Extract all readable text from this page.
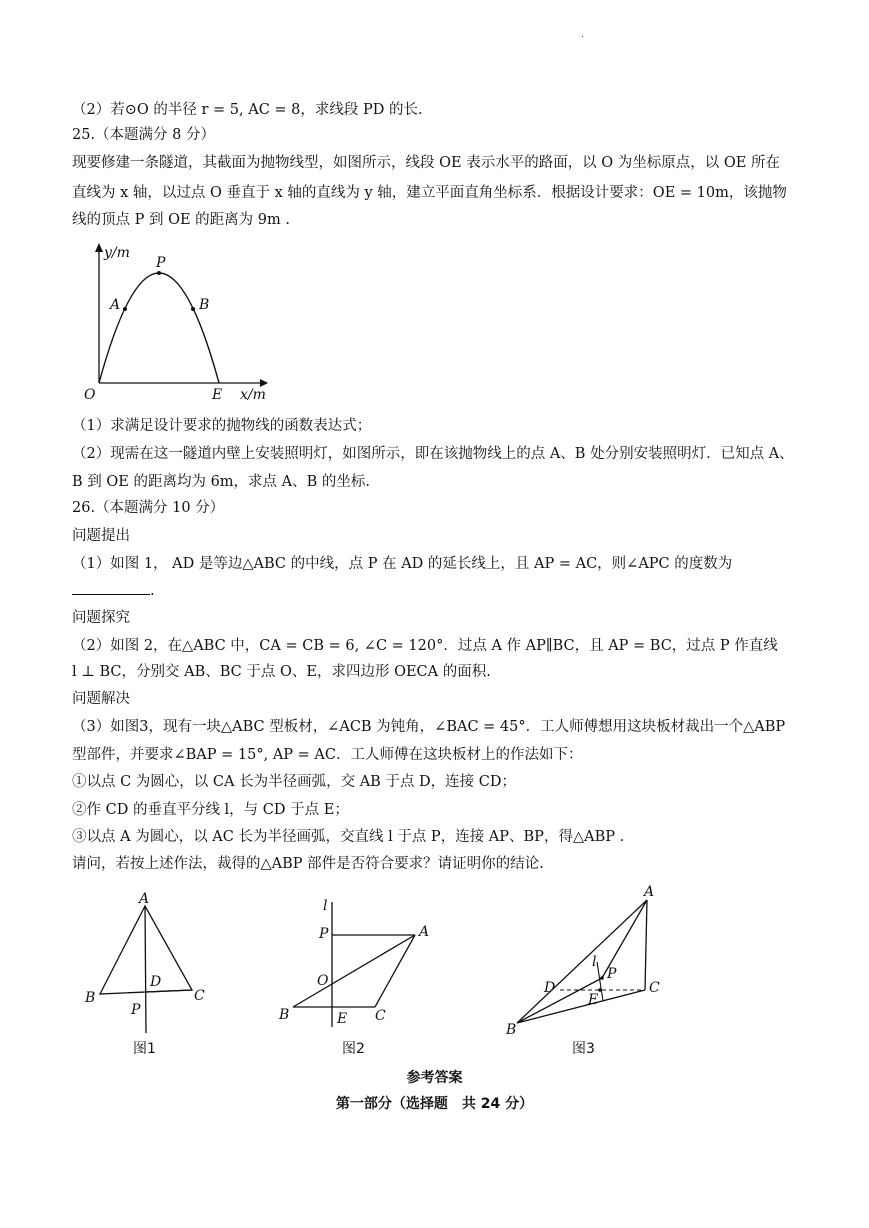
·
（2）若⊙O 的半径 r = 5, AC = 8，求线段 PD 的长.
25.（本题满分 8 分）
现要修建一条隧道，其截面为抛物线型，如图所示，线段 OE 表示水平的路面，以 O 为坐标原点，以 OE 所在
直线为 x 轴，以过点 O 垂直于 x 轴的直线为 y 轴，建立平面直角坐标系．根据设计要求：OE = 10m，该抛物
线的顶点 P 到 OE 的距离为 9m .
y/m
x/m
O	E
P
A	B
（1）求满足设计要求的抛物线的函数表达式；
（2）现需在这一隧道内壁上安装照明灯，如图所示，即在该抛物线上的点 A、B 处分别安装照明灯．已知点 A、
B 到 OE 的距离均为 6m，求点 A、B 的坐标.
26.（本题满分 10 分）
问题提出
（1）如图 1， AD 是等边△ABC 的中线，点 P 在 AD 的延长线上，且 AP = AC，则∠APC 的度数为
.
问题探究
（2）如图 2，在△ABC 中，CA = CB = 6, ∠C = 120°．过点 A 作 AP∥BC，且 AP = BC，过点 P 作直线
l ⊥ BC，分别交 AB、BC 于点 O、E，求四边形 OECA 的面积.
问题解决
（3）如图3，现有一块△ABC 型板材，∠ACB 为钝角，∠BAC = 45°．工人师傅想用这块板材裁出一个△ABP
型部件，并要求∠BAP = 15°, AP = AC．工人师傅在这块板材上的作法如下：
①以点 C 为圆心，以 CA 长为半径画弧，交 AB 于点 D，连接 CD；
②作 CD 的垂直平分线 l，与 CD 于点 E；
③以点 A 为圆心，以 AC 长为半径画弧，交直线 l 于点 P，连接 AP、BP，得△ABP .
请问，若按上述作法，裁得的△ABP 部件是否符合要求？请证明你的结论.
A
B	C
D
P
图1
l
P	A
O
B	E C
图2
A
D
l
P
E
C
B
图3
参考答案
第一部分（选择题　共 24 分）
